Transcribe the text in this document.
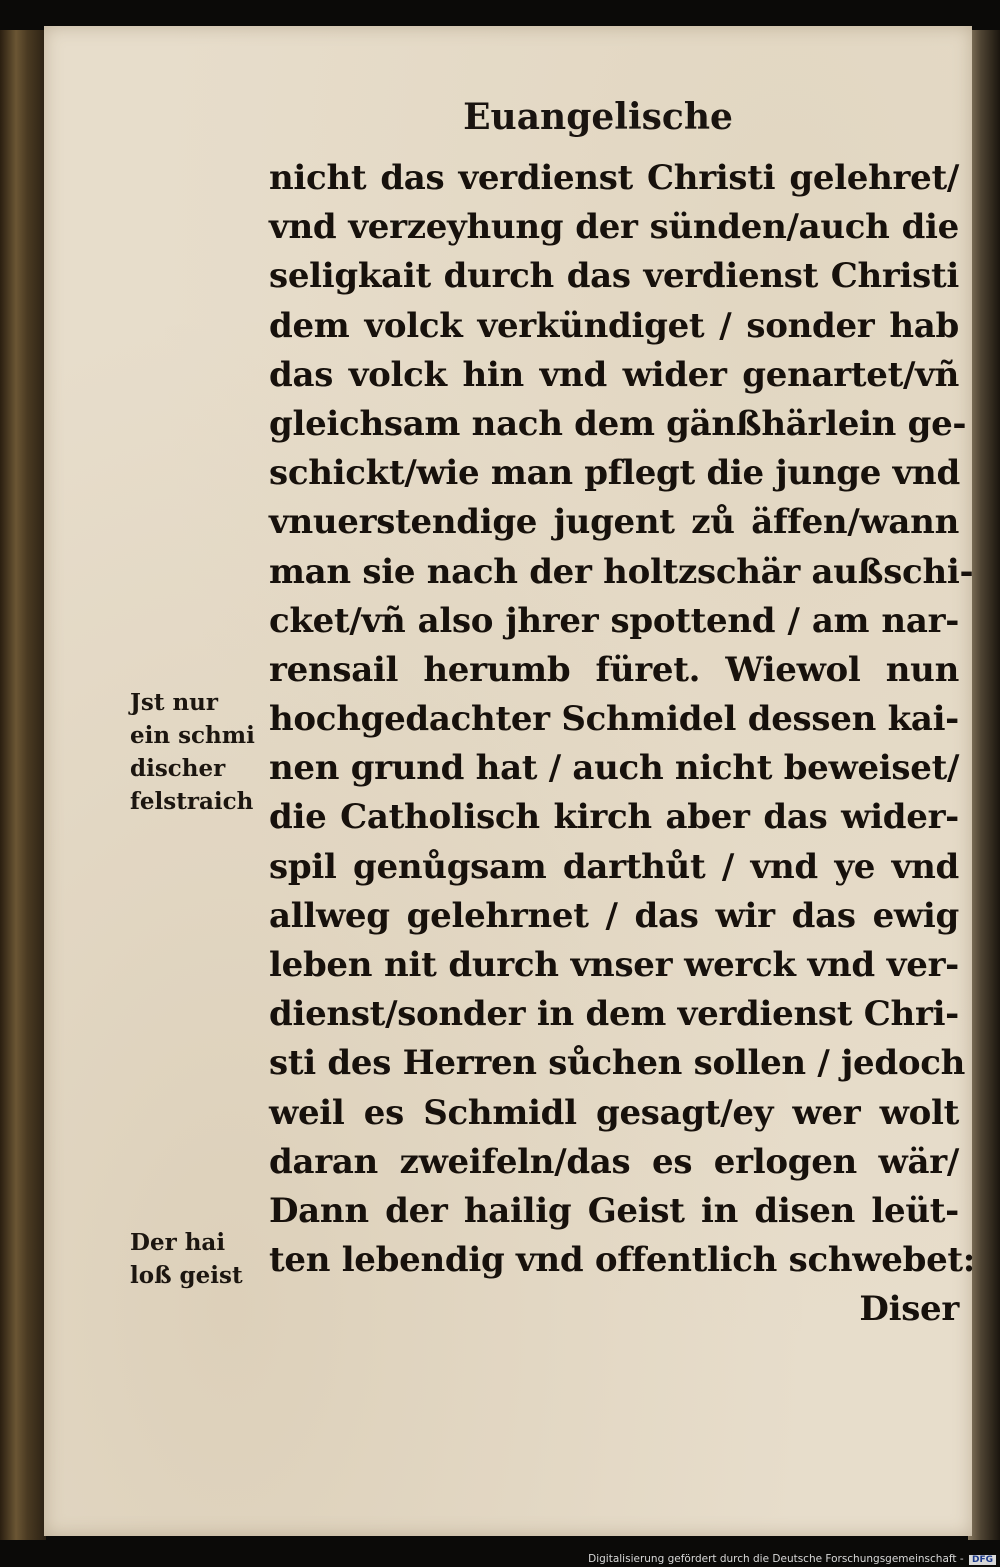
Euangelische
Jst nur
ein schmi
discher
felstraich
Der hai
loß geist
nicht das verdienst Christi gelehret/
vnd verzeyhung der sünden/auch die
seligkait durch das verdienst Christi
dem volck verkündiget / sonder hab
das volck hin vnd wider genartet/vñ
gleichsam nach dem gänßhärlein ge-
schickt/wie man pflegt die junge vnd
vnuerstendige jugent zů äffen/wann
man sie nach der holtzschär außschi-
cket/vñ also jhrer spottend / am nar-
rensail herumb füret. Wiewol nun
hochgedachter Schmidel dessen kai-
nen grund hat / auch nicht beweiset/
die Catholisch kirch aber das wider-
spil genůgsam darthůt / vnd ye vnd
allweg gelehrnet / das wir das ewig
leben nit durch vnser werck vnd ver-
dienst/sonder in dem verdienst Chri-
sti des Herren sůchen sollen / jedoch
weil es Schmidl gesagt/ey wer wolt
daran zweifeln/das es erlogen wär/
Dann der hailig Geist in disen leüt-
ten lebendig vnd offentlich schwebet:
Diser
Digitalisierung gefördert durch die Deutsche Forschungsgemeinschaft - DFG
